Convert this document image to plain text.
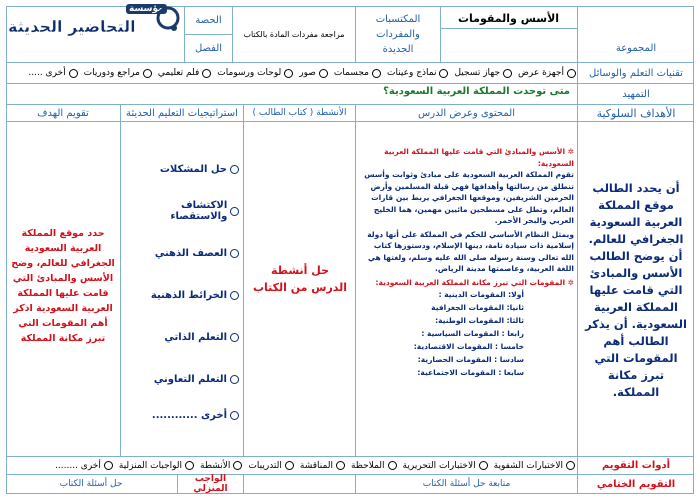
مؤسسة
التحاضير الحديثة	الأسس والمقومات
المجموعة
المكتسبات
والمفردات الجديدة
مراجعة مفردات المادة بالكتاب
الحصة
الفصل
تقنيات التعلم والوسائل
أجهزة عرض
جهاز تسجيل
نماذج وعينات
مجسمات
صور
لوحات ورسومات
فلم تعليمي
مراجع ودوريات
أخرى .....
التمهيد
متى توحدت المملكة العربية السعودية؟
الأهداف السلوكية
المحتوى وعرض الدرس
الأنشطة ( كتاب الطالب )
استراتيجيات التعليم الحديثة
تقويم الهدف
أن يحدد الطالب موقع المملكة العربية السعودية الجغرافي للعالم. أن يوضح الطالب الأسس والمبادئ التي قامت عليها المملكة العربية السعودية. أن يذكر الطالب أهم المقومات التي تبرز مكانة المملكة.
✲ الأسس والمبادئ التي قامت عليها المملكة العربية السعودية:
تقوم المملكة العربية السعودية على مبادئ وثوابت وأسس تنطلق من رسالتها وأهدافها فهي قبلة المسلمين وأرض الحرمين الشريفين، وموقعها الجغرافي يربط بين قارات العالم، وتطل على مسطحين مائيين مهمين، هما الخليج العربي والبحر الأحمر.
ويمثل النظام الأساسي للحكم في المملكة على أنها دولة إسلامية ذات سيادة تامة، دينها الإسلام، ودستورها كتاب الله تعالى وسنة رسوله صلى الله عليه وسلم، ولغتها هي اللغة العربية، وعاصمتها مدينة الرياض.
✲ المقومات التي تبرز مكانة المملكة العربية السعودية:
أولا: المقومات الدينية :
ثانيا: المقومات الجغرافية
ثالثا: المقومات الوطنية:
رابعا : المقومات السياسية :
خامسا : المقومات الاقتصادية:
سادسا : المقومات الحضارية:
سابعا : المقومات الاجتماعية:
حل أنشطة الدرس من الكتاب
حل المشكلات
الاكتشاف والاستقصاء
العصف الذهني
الخرائط الذهنية
التعلم الذاتي
التعلم التعاوني
أخرى ............
حدد موقع المملكة العربية السعودية الجغرافي للعالم، وضح الأسس والمبادئ التي قامت عليها المملكة العربية السعودية اذكر أهم المقومات التي تبرز مكانة المملكة
أدوات التقويم
الاختبارات الشفوية
الاختبارات التحريرية
الملاحظة
المناقشة
التدريبات
الأنشطة
الواجبات المنزلية
أخرى ........
التقويم الختامي
متابعة حل أسئلة الكتاب
الواجب المنزلي
حل أسئلة الكتاب
